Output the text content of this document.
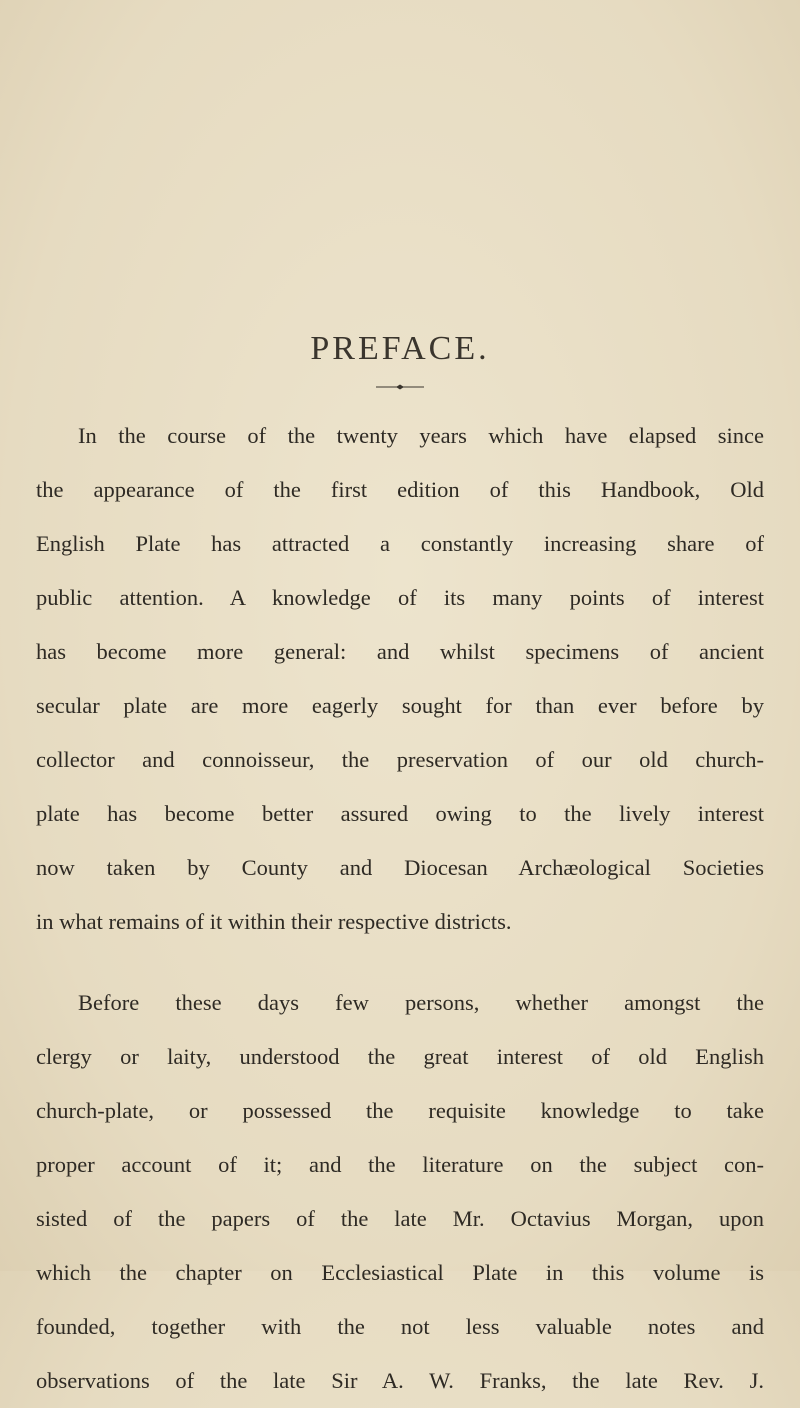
PREFACE.
In the course of the twenty years which have elapsed since
the appearance of the first edition of this Handbook, Old
English Plate has attracted a constantly increasing share of
public attention. A knowledge of its many points of interest
has become more general: and whilst specimens of ancient
secular plate are more eagerly sought for than ever before by
collector and connoisseur, the preservation of our old church-
plate has become better assured owing to the lively interest
now taken by County and Diocesan Archæological Societies
in what remains of it within their respective districts.
Before these days few persons, whether amongst the
clergy or laity, understood the great interest of old English
church-plate, or possessed the requisite knowledge to take
proper account of it; and the literature on the subject con-
sisted of the papers of the late Mr. Octavius Morgan, upon
which the chapter on Ecclesiastical Plate in this volume is
founded, together with the not less valuable notes and
observations of the late Sir A. W. Franks, the late Rev. J.
